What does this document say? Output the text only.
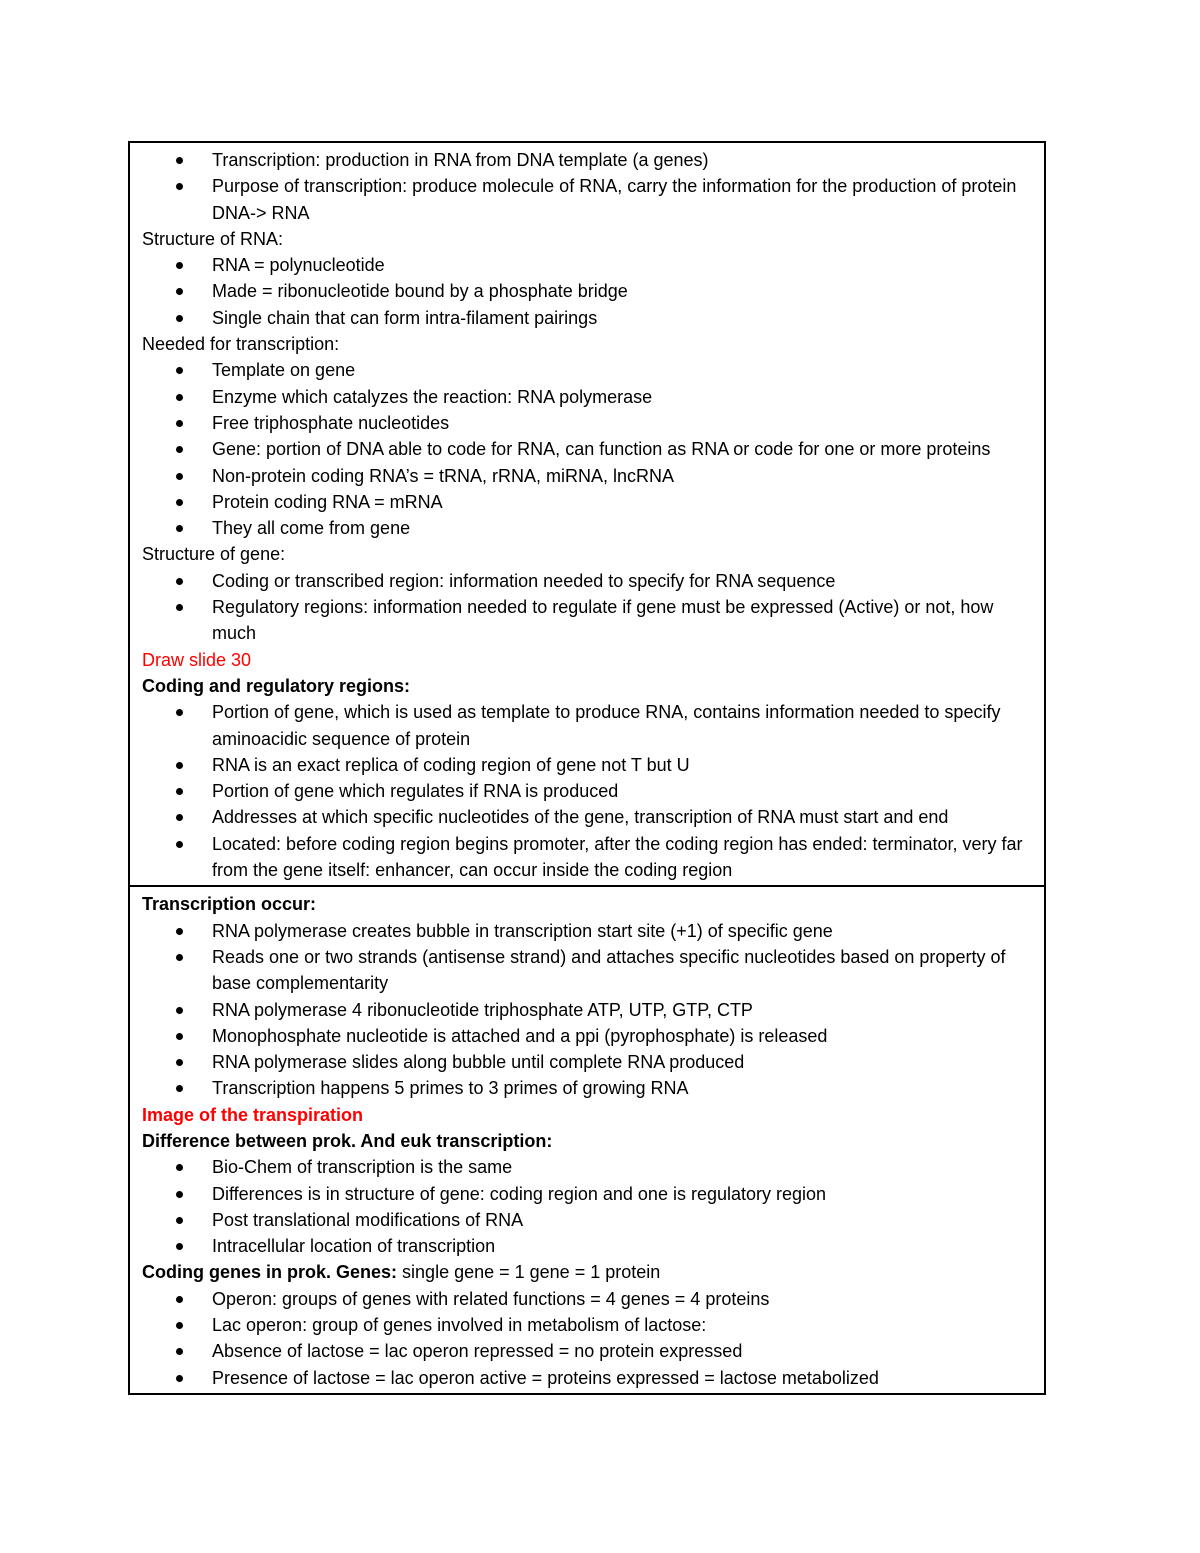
Transcription: production in RNA from DNA template (a genes)
Purpose of transcription: produce molecule of RNA, carry the information for the production of protein DNA-> RNA

Structure of RNA:

RNA = polynucleotide
Made = ribonucleotide bound by a phosphate bridge
Single chain that can form intra-filament pairings

Needed for transcription:

Template on gene
Enzyme which catalyzes the reaction: RNA polymerase
Free triphosphate nucleotides
Gene: portion of DNA able to code for RNA, can function as RNA or code for one or more proteins
Non-protein coding RNA’s = tRNA, rRNA, miRNA, lncRNA
Protein coding RNA = mRNA
They all come from gene

Structure of gene:

Coding or transcribed region: information needed to specify for RNA sequence
Regulatory regions: information needed to regulate if gene must be expressed (Active) or not, how much

Draw slide 30

Coding and regulatory regions:

Portion of gene, which is used as template to produce RNA, contains information needed to specify aminoacidic sequence of protein
RNA is an exact replica of coding region of gene not T but U
Portion of gene which regulates if RNA is produced
Addresses at which specific nucleotides of the gene, transcription of RNA must start and end
Located: before coding region begins promoter, after the coding region has ended: terminator, very far from the gene itself: enhancer, can occur inside the coding region

Transcription occur:

RNA polymerase creates bubble in transcription start site (+1) of specific gene
Reads one or two strands (antisense strand) and attaches specific nucleotides based on property of base complementarity
RNA polymerase 4 ribonucleotide triphosphate ATP, UTP, GTP, CTP
Monophosphate nucleotide is attached and a ppi (pyrophosphate) is released
RNA polymerase slides along bubble until complete RNA produced
Transcription happens 5 primes to 3 primes of growing RNA

Image of the transpiration

Difference between prok. And euk transcription:

Bio-Chem of transcription is the same
Differences is in structure of gene: coding region and one is regulatory region
Post translational modifications of RNA
Intracellular location of transcription

Coding genes in prok. Genes: single gene = 1 gene = 1 protein

Operon: groups of genes with related functions = 4 genes = 4 proteins
Lac operon: group of genes involved in metabolism of lactose:
Absence of lactose = lac operon repressed = no protein expressed
Presence of lactose = lac operon active = proteins expressed = lactose metabolized
